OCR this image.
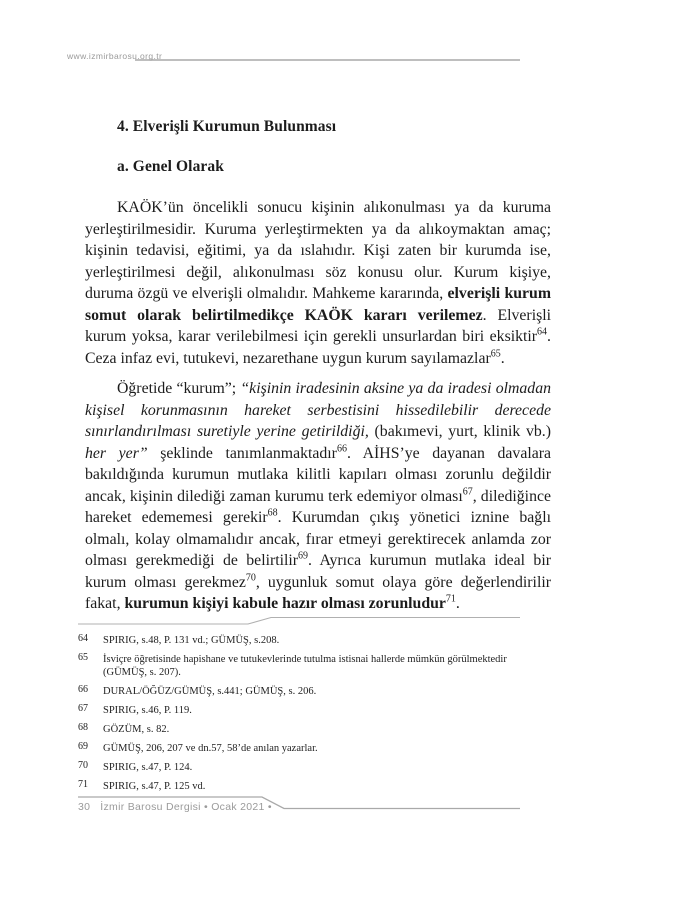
www.izmirbarosu.org.tr
4. Elverişli Kurumun Bulunması
a. Genel Olarak

KAÖK’ün öncelikli sonucu kişinin alıkonulması ya da kuruma yerleştirilmesidir. Kuruma yerleştirmekten ya da alıkoymaktan amaç; kişinin tedavisi, eğitimi, ya da ıslahıdır. Kişi zaten bir kurumda ise, yerleştirilmesi değil, alıkonulması söz konusu olur. Kurum kişiye, duruma özgü ve elverişli olmalıdır. Mahkeme kararında, elverişli kurum somut olarak belirtilmedikçe KAÖK kararı verilemez. Elverişli kurum yoksa, karar verilebilmesi için gerekli unsurlardan biri eksiktir$^{64}$. Ceza infaz evi, tutukevi, nezarethane uygun kurum sayılamazlar$^{65}$.

Öğretide “kurum”; “kişinin iradesinin aksine ya da iradesi olmadan kişisel korunmasının hareket serbestisini hissedilebilir derecede sınırlandırılması suretiyle yerine getirildiği, (bakımevi, yurt, klinik vb.) her yer” şeklinde tanımlanmaktadır$^{66}$. AİHS’ye dayanan davalara bakıldığında kurumun mutlaka kilitli kapıları olması zorunlu değildir ancak, kişinin dilediği zaman kurumu terk edemiyor olması$^{67}$, dilediğince hareket edememesi gerekir$^{68}$. Kurumdan çıkış yönetici iznine bağlı olmalı, kolay olmamalıdır ancak, fırar etmeyi gerektirecek anlamda zor olması gerekmediği de belirtilir$^{69}$. Ayrıca kurumun mutlaka ideal bir kurum olması gerekmez$^{70}$, uygunluk somut olaya göre değerlendirilir fakat, kurumun kişiyi kabule hazır olması zorunludur$^{71}$.

64 SPIRIG, s.48, P. 131 vd.; GÜMÜŞ, s.208.
65 İsviçre öğretisinde hapishane ve tutukevlerinde tutulma istisnai hallerde mümkün görülmektedir (GÜMÜŞ, s. 207).
66 DURAL/ÖĞÜZ/GÜMÜŞ, s.441; GÜMÜŞ, s. 206.
67 SPIRIG, s.46, P. 119.
68 GÖZÜM, s. 82.
69 GÜMÜŞ, 206, 207 ve dn.57, 58’de anılan yazarlar.
70 SPIRIG, s.47, P. 124.
71 SPIRIG, s.47, P. 125 vd.
30 İzmir Barosu Dergisi • Ocak 2021 •
